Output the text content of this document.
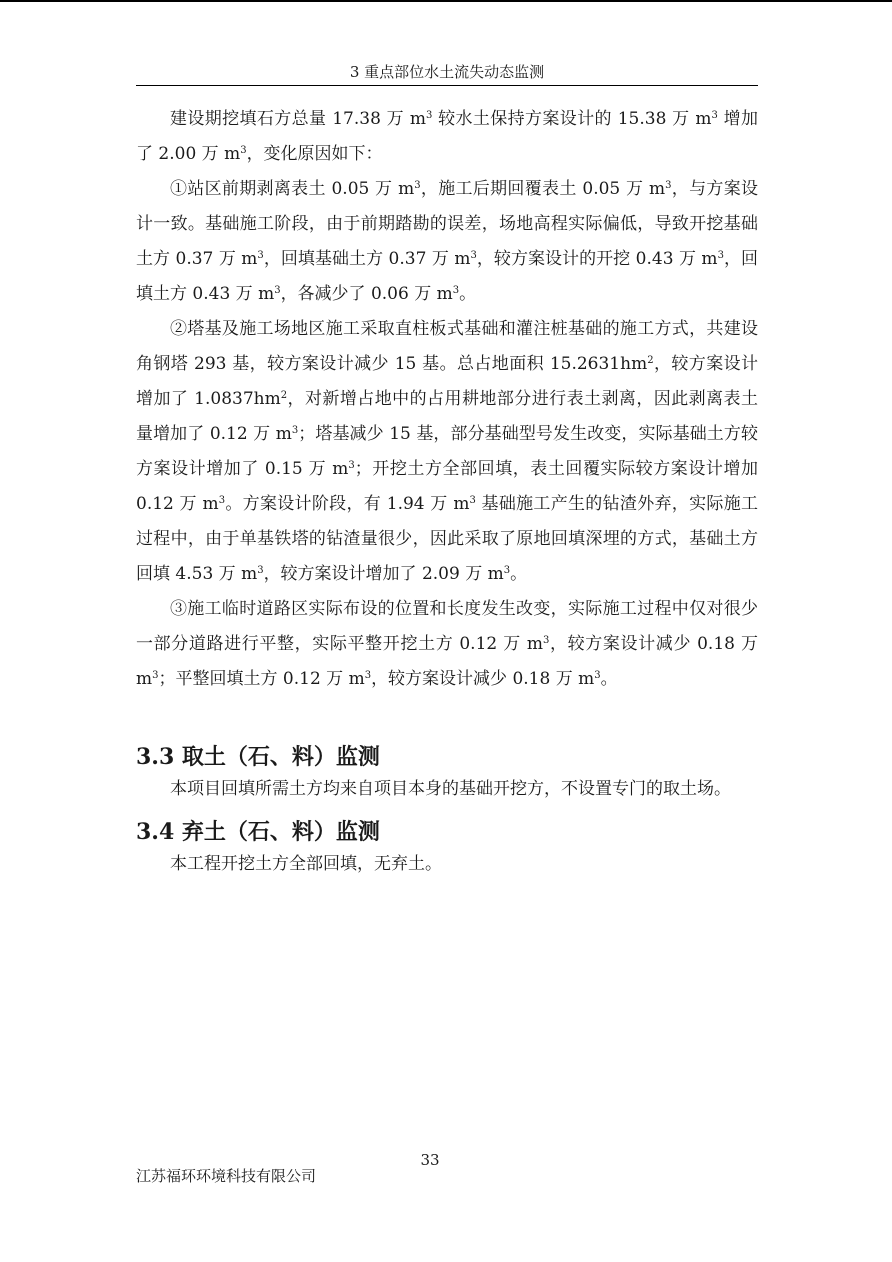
3 重点部位水土流失动态监测

建设期挖填石方总量 17.38 万 $m^3$ 较水土保持方案设计的 15.38 万 $m^3$ 增加了 2.00 万 $m^3$，变化原因如下：

①站区前期剥离表土 0.05 万 $m^3$，施工后期回覆表土 0.05 万 $m^3$，与方案设计一致。基础施工阶段，由于前期踏勘的误差，场地高程实际偏低，导致开挖基础土方 0.37 万 $m^3$，回填基础土方 0.37 万 $m^3$，较方案设计的开挖 0.43 万 $m^3$，回填土方 0.43 万 $m^3$，各减少了 0.06 万 $m^3$。

②塔基及施工场地区施工采取直柱板式基础和灌注桩基础的施工方式，共建设角钢塔 293 基，较方案设计减少 15 基。总占地面积 $15.2631hm^2$，较方案设计增加了 $1.0837hm^2$，对新增占地中的占用耕地部分进行表土剥离，因此剥离表土量增加了 0.12 万 $m^3$；塔基减少 15 基，部分基础型号发生改变，实际基础土方较方案设计增加了 0.15 万 $m^3$；开挖土方全部回填，表土回覆实际较方案设计增加 0.12 万 $m^3$。方案设计阶段，有 1.94 万 $m^3$ 基础施工产生的钻渣外弃，实际施工过程中，由于单基铁塔的钻渣量很少，因此采取了原地回填深埋的方式，基础土方回填 4.53 万 $m^3$，较方案设计增加了 2.09 万 $m^3$。

③施工临时道路区实际布设的位置和长度发生改变，实际施工过程中仅对很少一部分道路进行平整，实际平整开挖土方 0.12 万 $m^3$，较方案设计减少 0.18 万 $m^3$；平整回填土方 0.12 万 $m^3$，较方案设计减少 0.18 万 $m^3$。

3.3 取土（石、料）监测

本项目回填所需土方均来自项目本身的基础开挖方，不设置专门的取土场。

3.4 弃土（石、料）监测

本工程开挖土方全部回填，无弃土。

33
江苏福环环境科技有限公司
